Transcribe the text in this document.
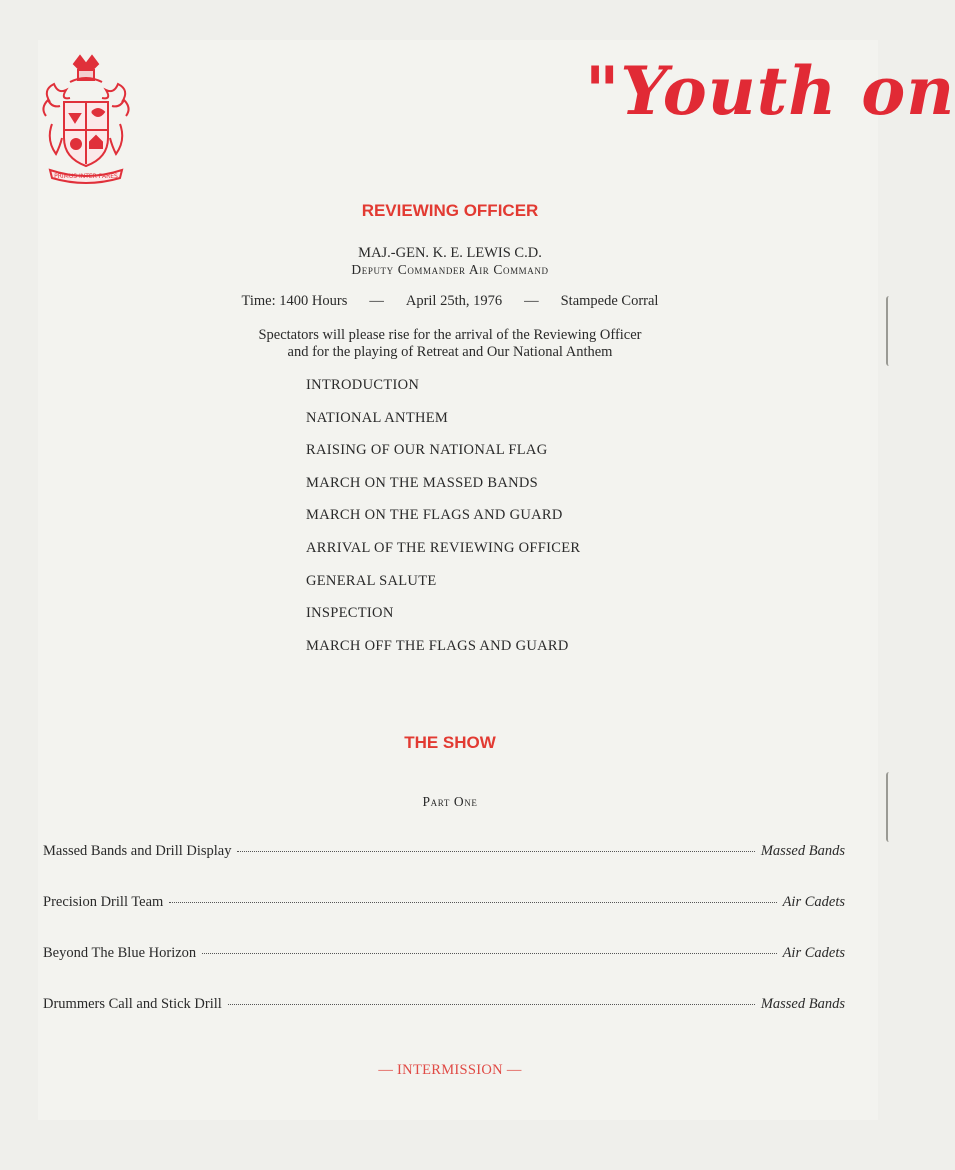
PRIMUS INTER PARES
"Youth on
REVIEWING OFFICER
MAJ.-GEN. K. E. LEWIS C.D.
Deputy Commander Air Command
Time: 1400 Hours — April 25th, 1976 — Stampede Corral
Spectators will please rise for the arrival of the Reviewing Officer
and for the playing of Retreat and Our National Anthem
INTRODUCTION
NATIONAL ANTHEM
RAISING OF OUR NATIONAL FLAG
MARCH ON THE MASSED BANDS
MARCH ON THE FLAGS AND GUARD
ARRIVAL OF THE REVIEWING OFFICER
GENERAL SALUTE
INSPECTION
MARCH OFF THE FLAGS AND GUARD
THE SHOW
Part One
Massed Bands and Drill Display	Massed Bands
Precision Drill Team	Air Cadets
Beyond The Blue Horizon	Air Cadets
Drummers Call and Stick Drill	Massed Bands
— INTERMISSION —
